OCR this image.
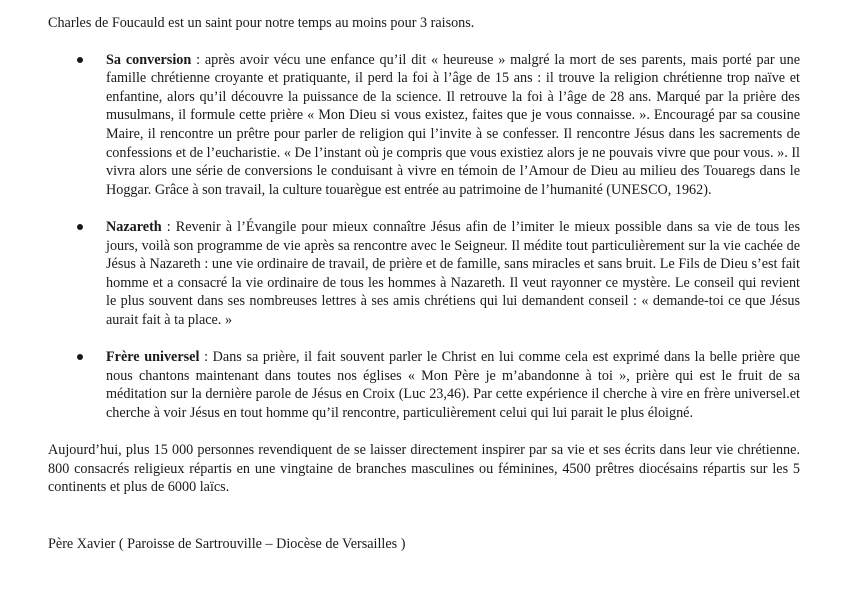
Charles de Foucauld est un saint pour notre temps au moins pour 3 raisons.

Sa conversion : après avoir vécu une enfance qu’il dit « heureuse » malgré la mort de ses parents, mais porté par une famille chrétienne croyante et pratiquante, il perd la foi à l’âge de 15 ans : il trouve la religion chrétienne trop naïve et enfantine, alors qu’il découvre la puissance de la science. Il retrouve la foi à l’âge de 28 ans. Marqué par la prière des musulmans, il formule cette prière « Mon Dieu si vous existez, faites que je vous connaisse. ». Encouragé par sa cousine Maire, il rencontre un prêtre pour parler de religion qui l’invite à se confesser. Il rencontre Jésus dans les sacrements de confessions et de l’eucharistie. « De l’instant où je compris que vous existiez alors je ne pouvais vivre que pour vous. ». Il vivra alors une série de conversions le conduisant à vivre en témoin de l’Amour de Dieu au milieu des Touaregs dans le Hoggar. Grâce à son travail, la culture touarègue est entrée au patrimoine de l’humanité (UNESCO, 1962).
Nazareth : Revenir à l’Évangile pour mieux connaître Jésus afin de l’imiter le mieux possible dans sa vie de tous les jours, voilà son programme de vie après sa rencontre avec le Seigneur. Il médite tout particulièrement sur la vie cachée de Jésus à Nazareth : une vie ordinaire de travail, de prière et de famille, sans miracles et sans bruit. Le Fils de Dieu s’est fait homme et a consacré la vie ordinaire de tous les hommes à Nazareth. Il veut rayonner ce mystère. Le conseil qui revient le plus souvent dans ses nombreuses lettres à ses amis chrétiens qui lui demandent conseil : « demande-toi ce que Jésus aurait fait à ta place. »
Frère universel : Dans sa prière, il fait souvent parler le Christ en lui comme cela est exprimé dans la belle prière que nous chantons maintenant dans toutes nos églises « Mon Père je m’abandonne à toi », prière qui est le fruit de sa méditation sur la dernière parole de Jésus en Croix (Luc 23,46). Par cette expérience il cherche à vire en frère universel.et cherche à voir Jésus en tout homme qu’il rencontre, particulièrement celui qui lui parait le plus éloigné.

Aujourd’hui, plus 15 000 personnes revendiquent de se laisser directement inspirer par sa vie et ses écrits dans leur vie chrétienne. 800 consacrés religieux répartis en une vingtaine de branches masculines ou féminines, 4500 prêtres diocésains répartis sur les 5 continents et plus de 6000 laïcs.

Père Xavier ( Paroisse de Sartrouville – Diocèse de Versailles )
